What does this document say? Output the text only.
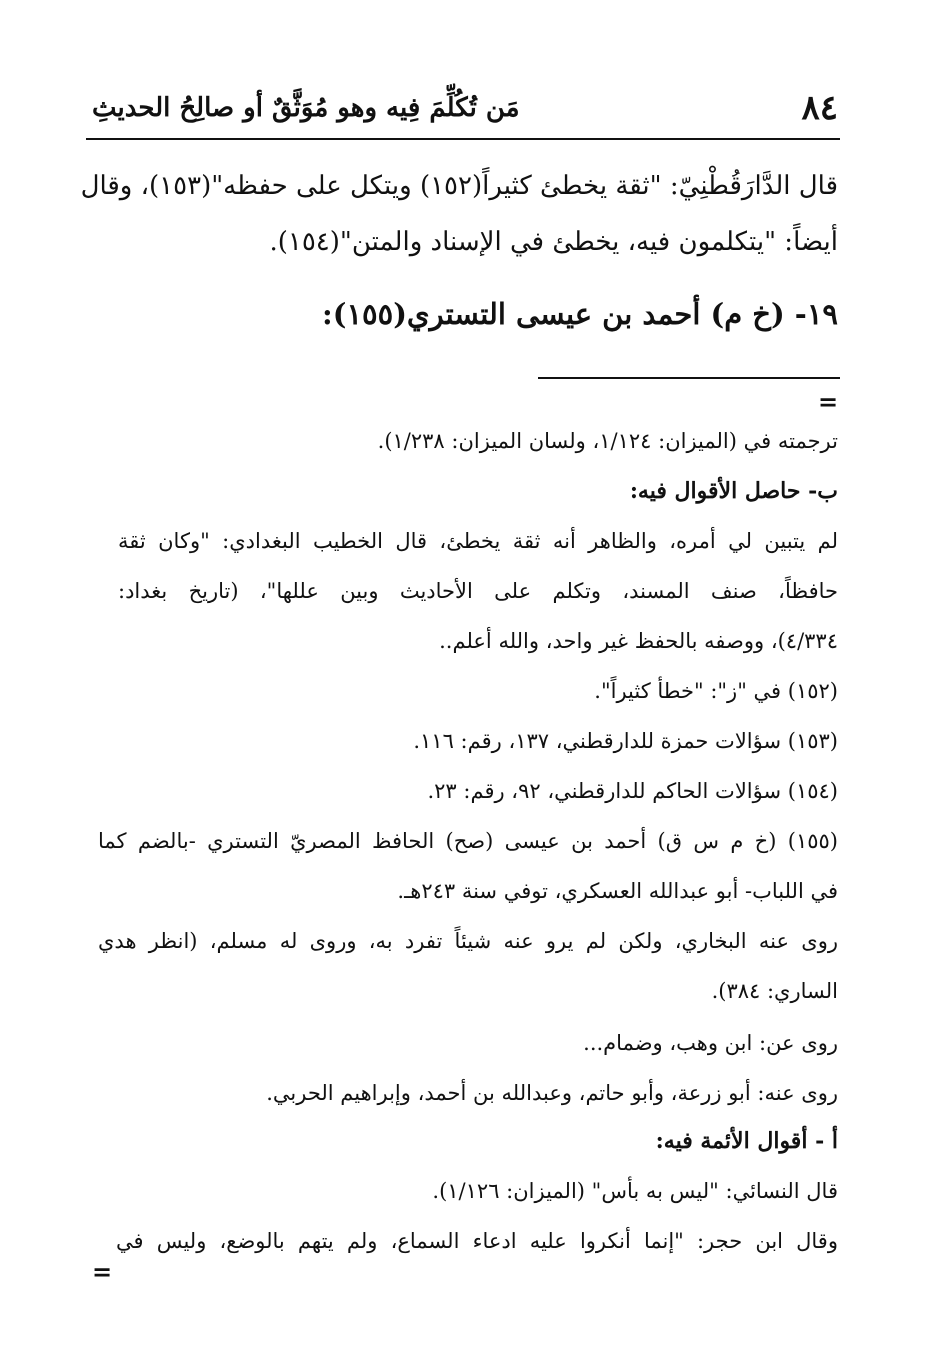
٨٤
مَن تُكُلِّمَ فِيه وهو مُوَثَّقٌ أو صالِحُ الحديثِ
قال الدَّارَقُطْنِيّ: "ثقة يخطئ كثيراً(١٥٢) ويتكل على حفظه"(١٥٣)، وقال
أيضاً: "يتكلمون فيه، يخطئ في الإسناد والمتن"(١٥٤).
١٩- (خ م) أحمد بن عيسى التستري(١٥٥):
=
ترجمته في (الميزان: ١/١٢٤، ولسان الميزان: ١/٢٣٨).
ب- حاصل الأقوال فيه:
لم يتبين لي أمره، والظاهر أنه ثقة يخطئ، قال الخطيب البغدادي: "وكان ثقة
حافظاً، صنف المسند، وتكلم على الأحاديث وبين عللها"، (تاريخ بغداد:
٤/٣٣٤)، ووصفه بالحفظ غير واحد، والله أعلم..
(١٥٢) في "ز": "خطأ كثيراً".
(١٥٣) سؤالات حمزة للدارقطني، ١٣٧، رقم: ١١٦.
(١٥٤) سؤالات الحاكم للدارقطني، ٩٢، رقم: ٢٣.
(١٥٥) (خ م س ق) أحمد بن عيسى (صح) الحافظ المصريّ التستري -بالضم كما
في اللباب- أبو عبدالله العسكري، توفي سنة ٢٤٣هـ.
روى عنه البخاري، ولكن لم يرو عنه شيئاً تفرد به، وروى له مسلم، (انظر هدي
الساري: ٣٨٤).
روى عن: ابن وهب، وضمام...
روى عنه: أبو زرعة، وأبو حاتم، وعبدالله بن أحمد، وإبراهيم الحربي.
أ - أقوال الأئمة فيه:
قال النسائي: "ليس به بأس" (الميزان: ١/١٢٦).
وقال ابن حجر: "إنما أنكروا عليه ادعاء السماع، ولم يتهم بالوضع، وليس في
=
